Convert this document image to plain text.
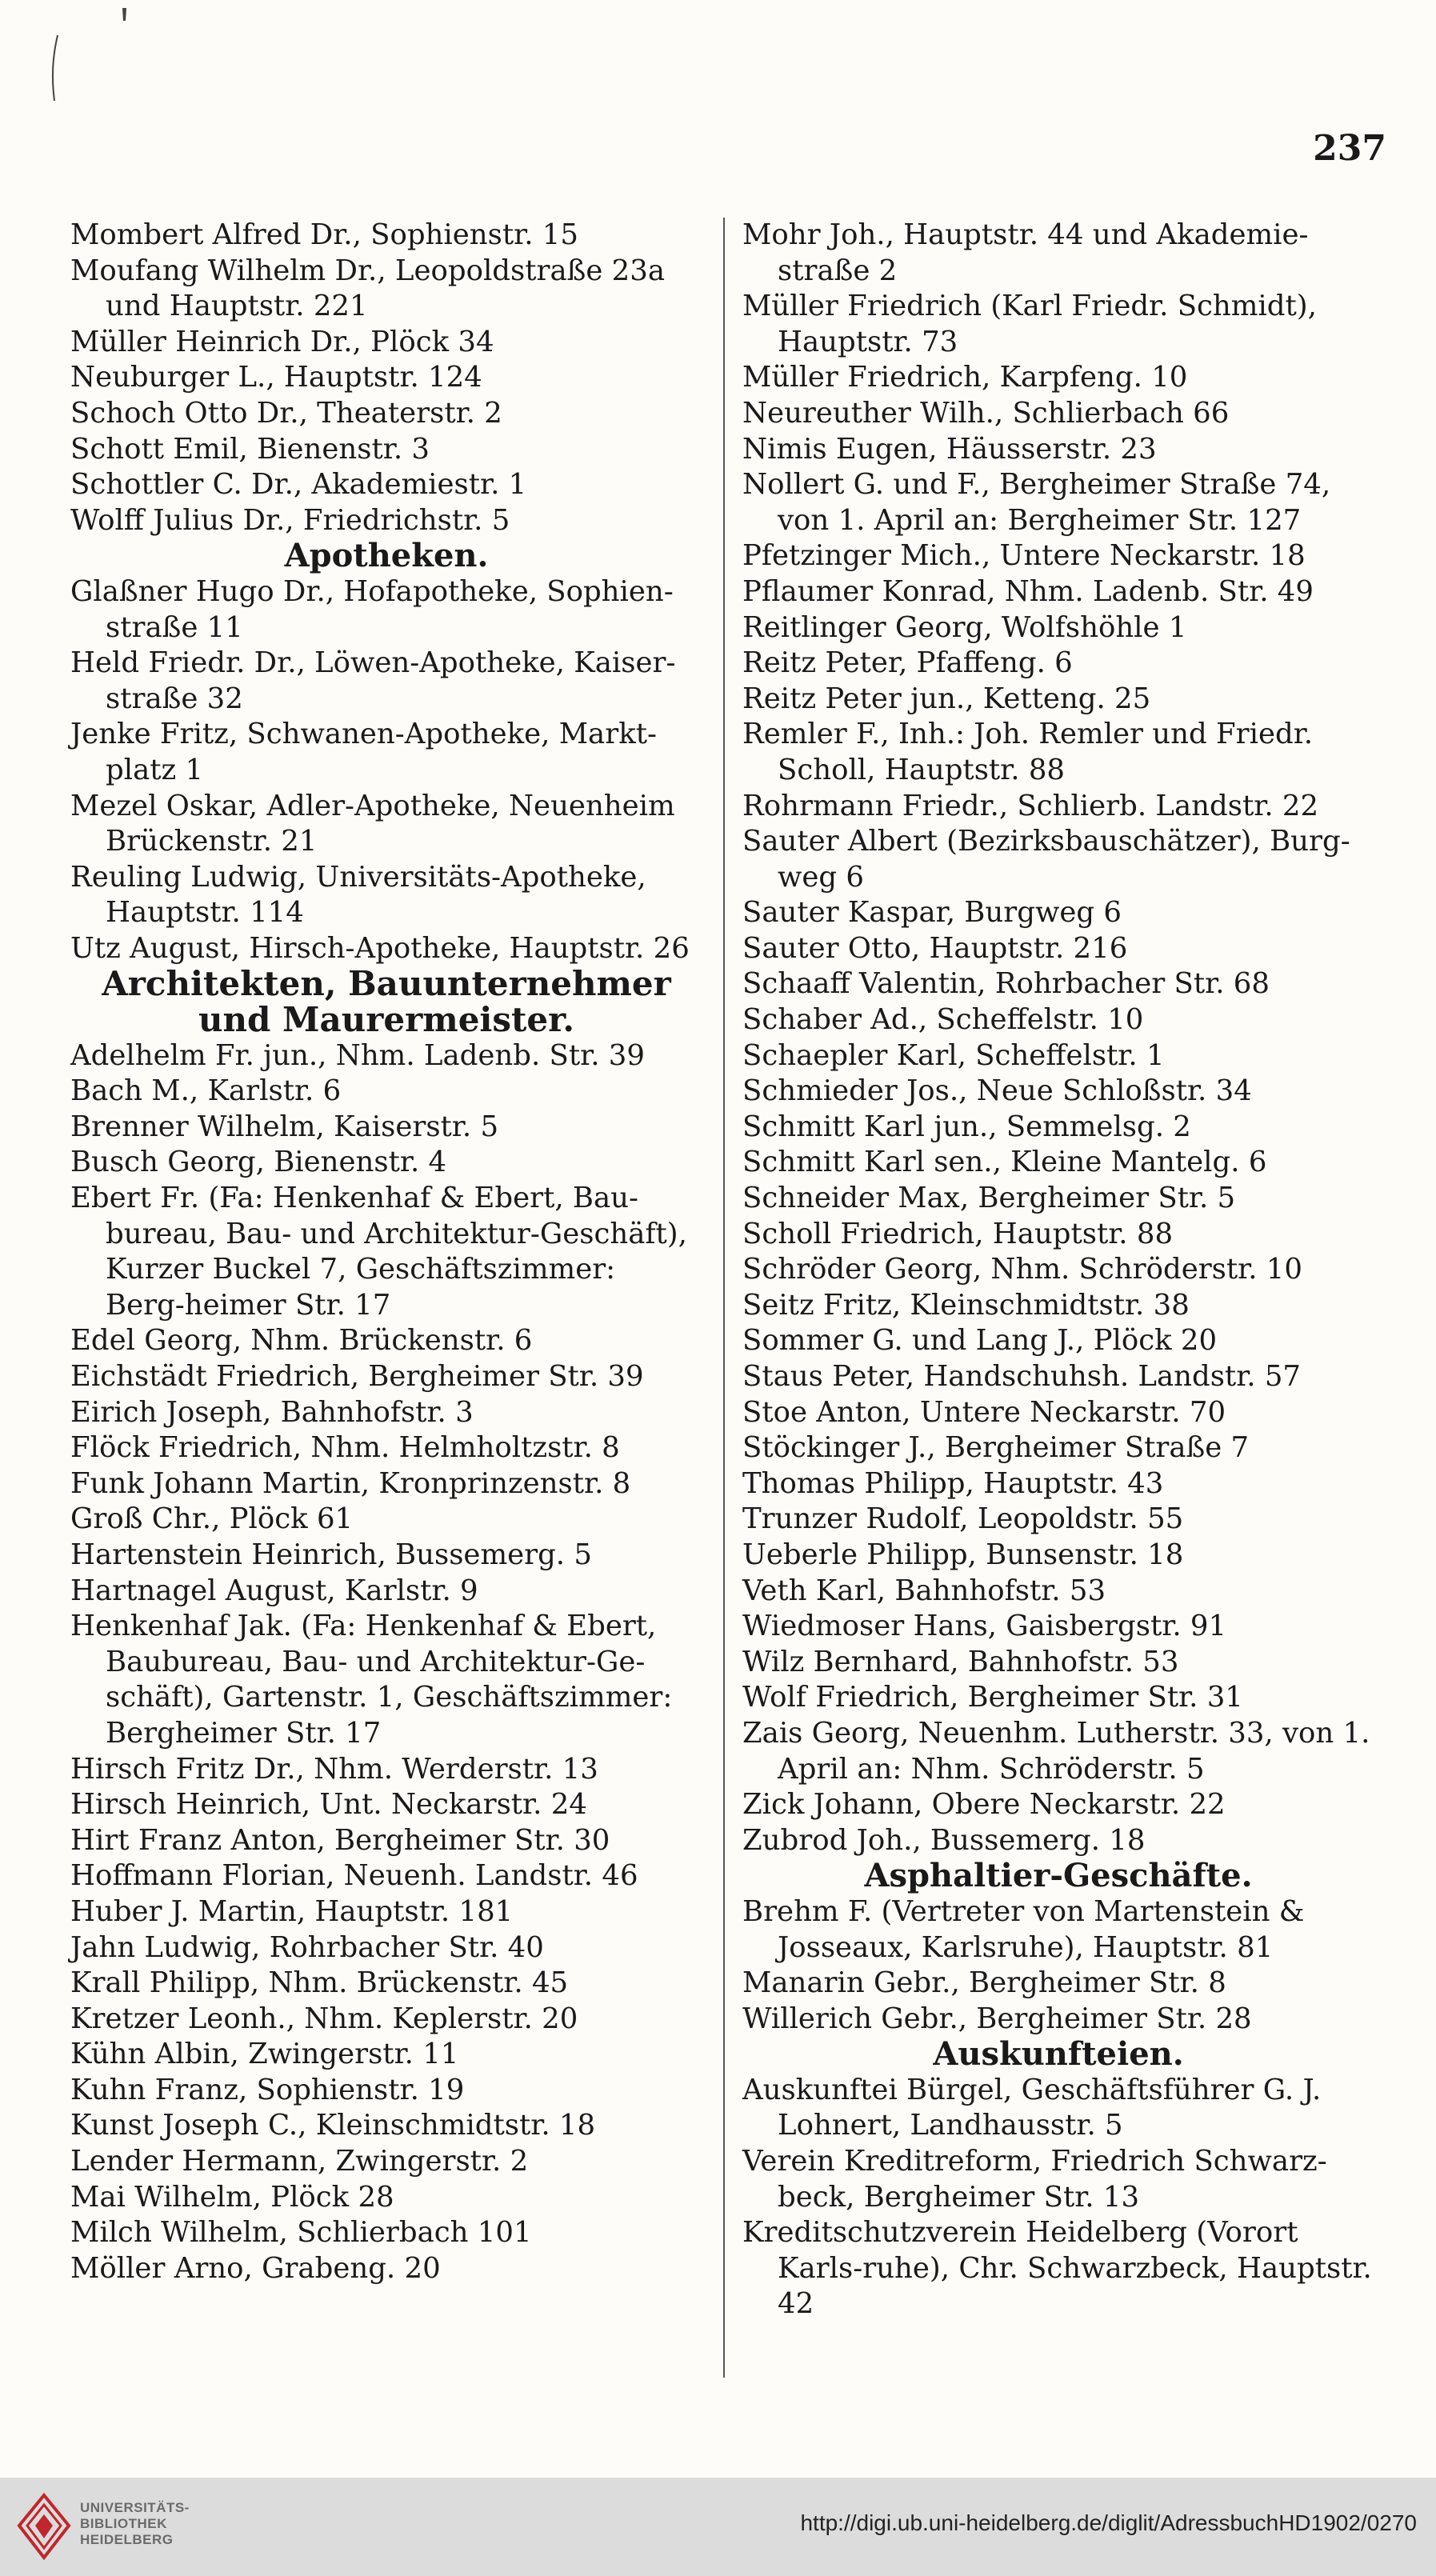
237
Mombert Alfred Dr., Sophienstr. 15
Moufang Wilhelm Dr., Leopoldstraße 23a und Hauptstr. 221
Müller Heinrich Dr., Plöck 34
Neuburger L., Hauptstr. 124
Schoch Otto Dr., Theaterstr. 2
Schott Emil, Bienenstr. 3
Schottler C. Dr., Akademiestr. 1
Wolff Julius Dr., Friedrichstr. 5
Apotheken.
Glaßner Hugo Dr., Hofapotheke, Sophien-straße 11
Held Friedr. Dr., Löwen-Apotheke, Kaiser-straße 32
Jenke Fritz, Schwanen-Apotheke, Markt-platz 1
Mezel Oskar, Adler-Apotheke, Neuenheim Brückenstr. 21
Reuling Ludwig, Universitäts-Apotheke, Hauptstr. 114
Utz August, Hirsch-Apotheke, Hauptstr. 26
Architekten, Bauunternehmer und Maurermeister.
Adelhelm Fr. jun., Nhm. Ladenb. Str. 39
Bach M., Karlstr. 6
Brenner Wilhelm, Kaiserstr. 5
Busch Georg, Bienenstr. 4
Ebert Fr. (Fa: Henkenhaf & Ebert, Bau-bureau, Bau- und Architektur-Geschäft), Kurzer Buckel 7, Geschäftszimmer: Berg-heimer Str. 17
Edel Georg, Nhm. Brückenstr. 6
Eichstädt Friedrich, Bergheimer Str. 39
Eirich Joseph, Bahnhofstr. 3
Flöck Friedrich, Nhm. Helmholtzstr. 8
Funk Johann Martin, Kronprinzenstr. 8
Groß Chr., Plöck 61
Hartenstein Heinrich, Bussemerg. 5
Hartnagel August, Karlstr. 9
Henkenhaf Jak. (Fa: Henkenhaf & Ebert, Baubureau, Bau- und Architektur-Ge-schäft), Gartenstr. 1, Geschäftszimmer: Bergheimer Str. 17
Hirsch Fritz Dr., Nhm. Werderstr. 13
Hirsch Heinrich, Unt. Neckarstr. 24
Hirt Franz Anton, Bergheimer Str. 30
Hoffmann Florian, Neuenh. Landstr. 46
Huber J. Martin, Hauptstr. 181
Jahn Ludwig, Rohrbacher Str. 40
Krall Philipp, Nhm. Brückenstr. 45
Kretzer Leonh., Nhm. Keplerstr. 20
Kühn Albin, Zwingerstr. 11
Kuhn Franz, Sophienstr. 19
Kunst Joseph C., Kleinschmidtstr. 18
Lender Hermann, Zwingerstr. 2
Mai Wilhelm, Plöck 28
Milch Wilhelm, Schlierbach 101
Möller Arno, Grabeng. 20
Mohr Joh., Hauptstr. 44 und Akademie-straße 2
Müller Friedrich (Karl Friedr. Schmidt), Hauptstr. 73
Müller Friedrich, Karpfeng. 10
Neureuther Wilh., Schlierbach 66
Nimis Eugen, Häusserstr. 23
Nollert G. und F., Bergheimer Straße 74, von 1. April an: Bergheimer Str. 127
Pfetzinger Mich., Untere Neckarstr. 18
Pflaumer Konrad, Nhm. Ladenb. Str. 49
Reitlinger Georg, Wolfshöhle 1
Reitz Peter, Pfaffeng. 6
Reitz Peter jun., Ketteng. 25
Remler F., Inh.: Joh. Remler und Friedr. Scholl, Hauptstr. 88
Rohrmann Friedr., Schlierb. Landstr. 22
Sauter Albert (Bezirksbauschätzer), Burg-weg 6
Sauter Kaspar, Burgweg 6
Sauter Otto, Hauptstr. 216
Schaaff Valentin, Rohrbacher Str. 68
Schaber Ad., Scheffelstr. 10
Schaepler Karl, Scheffelstr. 1
Schmieder Jos., Neue Schloßstr. 34
Schmitt Karl jun., Semmelsg. 2
Schmitt Karl sen., Kleine Mantelg. 6
Schneider Max, Bergheimer Str. 5
Scholl Friedrich, Hauptstr. 88
Schröder Georg, Nhm. Schröderstr. 10
Seitz Fritz, Kleinschmidtstr. 38
Sommer G. und Lang J., Plöck 20
Staus Peter, Handschuhsh. Landstr. 57
Stoe Anton, Untere Neckarstr. 70
Stöckinger J., Bergheimer Straße 7
Thomas Philipp, Hauptstr. 43
Trunzer Rudolf, Leopoldstr. 55
Ueberle Philipp, Bunsenstr. 18
Veth Karl, Bahnhofstr. 53
Wiedmoser Hans, Gaisbergstr. 91
Wilz Bernhard, Bahnhofstr. 53
Wolf Friedrich, Bergheimer Str. 31
Zais Georg, Neuenhm. Lutherstr. 33, von 1. April an: Nhm. Schröderstr. 5
Zick Johann, Obere Neckarstr. 22
Zubrod Joh., Bussemerg. 18
Asphaltier-Geschäfte.
Brehm F. (Vertreter von Martenstein & Josseaux, Karlsruhe), Hauptstr. 81
Manarin Gebr., Bergheimer Str. 8
Willerich Gebr., Bergheimer Str. 28
Auskunfteien.
Auskunftei Bürgel, Geschäftsführer G. J. Lohnert, Landhausstr. 5
Verein Kreditreform, Friedrich Schwarz-beck, Bergheimer Str. 13
Kreditschutzverein Heidelberg (Vorort Karls-ruhe), Chr. Schwarzbeck, Hauptstr. 42
UNIVERSITÄTS-
BIBLIOTHEK
HEIDELBERG
http://digi.ub.uni-heidelberg.de/diglit/AdressbuchHD1902/0270
